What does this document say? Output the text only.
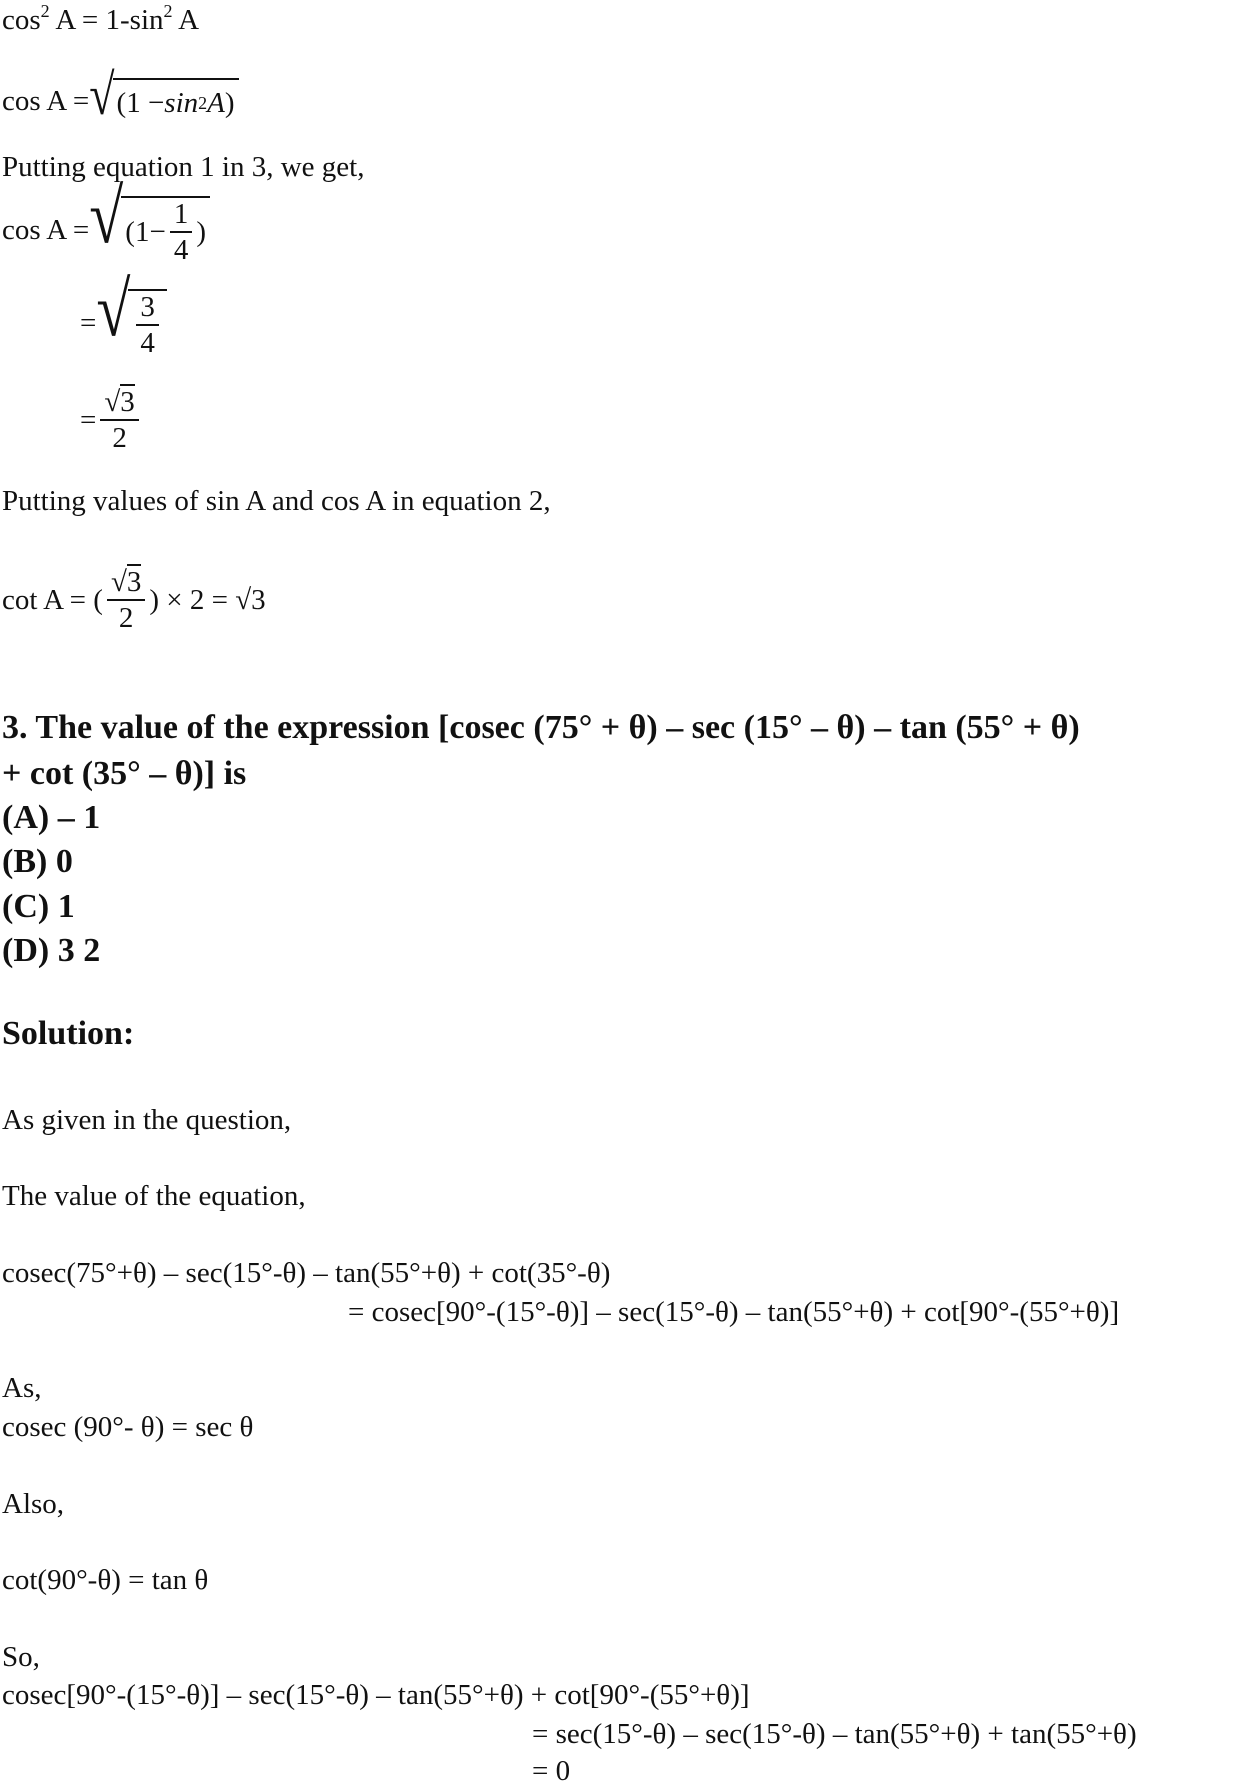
$\cos^2 A = 1-\sin^2$ A
cos A = √ ( 1 − sin 2 A )
Putting equation 1 in 3, we get,
cos A = √ ($1- \frac{1}{4}$ )
= √ $\frac{3}{4}$
= $\frac{√3}{2}$
Putting values of sin A and cos A in equation 2,
cot A = ( $\frac{√3}{2}$ ) × 2 = √3
3. The value of the expression [cosec (75° + θ) – sec (15° – θ) – tan (55° + θ)
+ cot (35° – θ)] is
(A) – 1
(B) 0
(C) 1
(D) 3 2
Solution:
As given in the question,
The value of the equation,
cosec(75°+θ) – sec(15°-θ) – tan(55°+θ) + cot(35°-θ)
= cosec[90°-(15°-θ)] – sec(15°-θ) – tan(55°+θ) + cot[90°-(55°+θ)]
As,
cosec (90°- θ) = sec θ
Also,
cot(90°-θ) = tan θ
So,
cosec[90°-(15°-θ)] – sec(15°-θ) – tan(55°+θ) + cot[90°-(55°+θ)]
= sec(15°-θ) – sec(15°-θ) – tan(55°+θ) + tan(55°+θ)
= 0
